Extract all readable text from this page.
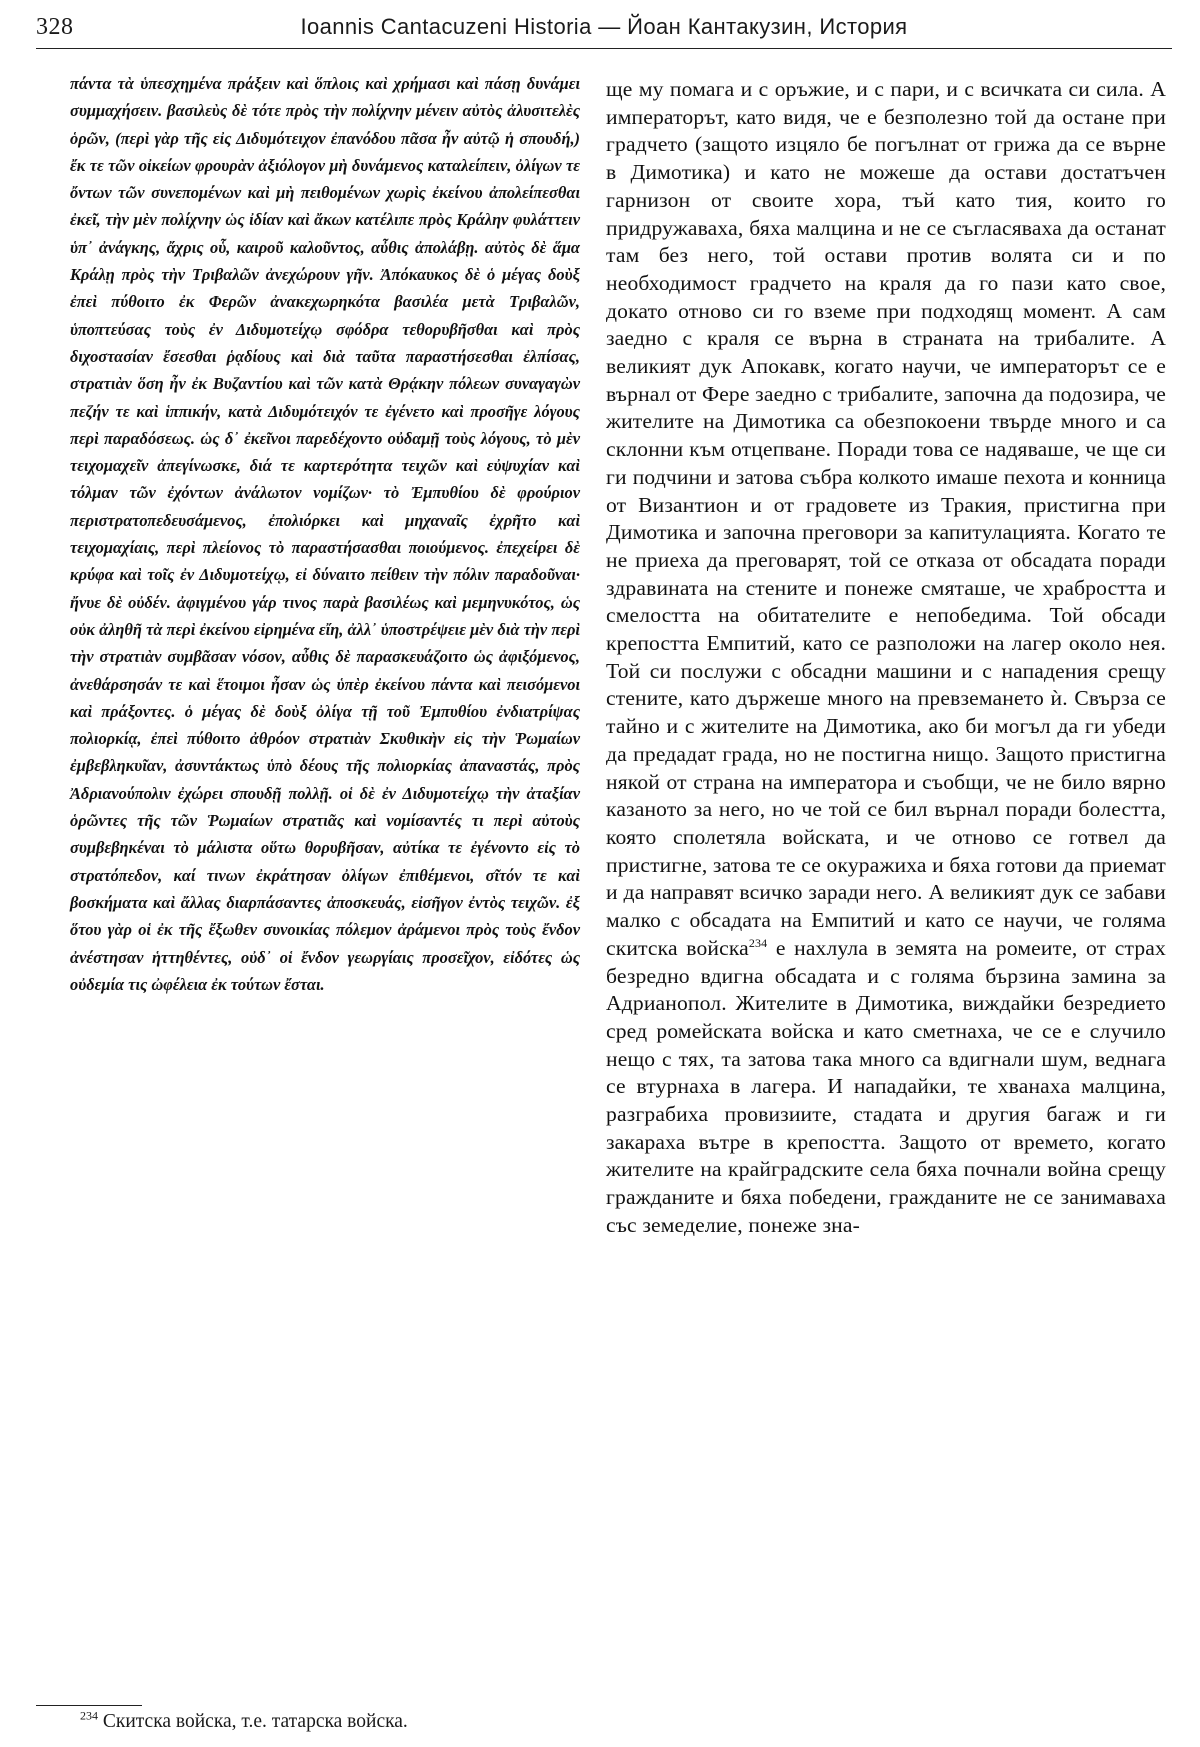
328	Ioannis Cantacuzeni Historia — Йоан Кантакузин, История

πάντα τὰ ὑπεσχημένα πράξειν καὶ ὅπλοις καὶ χρήμασι καὶ πάσῃ δυνάμει συμμαχήσειν. βασιλεὺς δὲ τότε πρὸς τὴν πολίχνην μένειν αὐτὸς ἀλυσιτελὲς ὁρῶν, (περὶ γὰρ τῆς εἰς Διδυμότειχον ἐπανόδου πᾶσα ἦν αὐτῷ ἡ σπουδή,) ἔκ τε τῶν οἰκείων φρουρὰν ἀξιόλογον μὴ δυνάμενος καταλείπειν, ὀλίγων τε ὄντων τῶν συνεπομένων καὶ μὴ πειθομένων χωρὶς ἐκείνου ἀπολείπεσθαι ἐκεῖ, τὴν μὲν πολίχνην ὡς ἰδίαν καὶ ἄκων κατέλιπε πρὸς Κράλην φυλάττειν ὑπ᾿ ἀνάγκης, ἄχρις οὗ, καιροῦ καλοῦντος, αὖθις ἀπολάβῃ. αὐτὸς δὲ ἅμα Κράλῃ πρὸς τὴν Τριβαλῶν ἀνεχώρουν γῆν. Ἀπόκαυκος δὲ ὁ μέγας δοὺξ ἐπεὶ πύθοιτο ἐκ Φερῶν ἀνακεχωρηκότα βασιλέα μετὰ Τριβαλῶν, ὑποπτεύσας τοὺς ἐν Διδυμοτείχῳ σφόδρα τεθορυβῆσθαι καὶ πρὸς διχοστασίαν ἔσεσθαι ῥᾳδίους καὶ διὰ ταῦτα παραστήσεσθαι ἐλπίσας, στρατιὰν ὅση ἦν ἐκ Βυζαντίου καὶ τῶν κατὰ Θρᾴκην πόλεων συναγαγὼν πεζήν τε καὶ ἱππικήν, κατὰ Διδυμότειχόν τε ἐγένετο καὶ προσῆγε λόγους περὶ παραδόσεως. ὡς δ᾿ ἐκεῖνοι παρεδέχοντο οὐδαμῇ τοὺς λόγους, τὸ μὲν τειχομαχεῖν ἀπεγίνωσκε, διά τε καρτερότητα τειχῶν καὶ εὐψυχίαν καὶ τόλμαν τῶν ἐχόντων ἀνάλωτον νομίζων· τὸ Ἐμπυθίου δὲ φρούριον περιστρατοπεδευσάμενος, ἐπολιόρκει καὶ μηχαναῖς ἐχρῆτο καὶ τειχομαχίαις, περὶ πλείονος τὸ παραστήσασθαι ποιούμενος. ἐπεχείρει δὲ κρύφα καὶ τοῖς ἐν Διδυμοτείχῳ, εἰ δύναιτο πείθειν τὴν πόλιν παραδοῦναι· ἤνυε δὲ οὐδέν. ἀφιγμένου γάρ τινος παρὰ βασιλέως καὶ μεμηνυκότος, ὡς οὐκ ἀληθῆ τὰ περὶ ἐκείνου εἰρημένα εἴη, ἀλλ᾿ ὑποστρέψειε μὲν διὰ τὴν περὶ τὴν στρατιὰν συμβᾶσαν νόσον, αὖθις δὲ παρασκευάζοιτο ὡς ἀφιξόμενος, ἀνεθάρσησάν τε καὶ ἕτοιμοι ἦσαν ὡς ὑπὲρ ἐκείνου πάντα καὶ πεισόμενοι καὶ πράξοντες. ὁ μέγας δὲ δοὺξ ὀλίγα τῇ τοῦ Ἐμπυθίου ἐνδιατρίψας πολιορκίᾳ, ἐπεὶ πύθοιτο ἀθρόον στρατιὰν Σκυθικὴν εἰς τὴν Ῥωμαίων ἐμβεβληκυῖαν, ἀσυντάκτως ὑπὸ δέους τῆς πολιορκίας ἀπαναστάς, πρὸς Ἀδριανούπολιν ἐχώρει σπουδῇ πολλῇ. οἱ δὲ ἐν Διδυμοτείχῳ τὴν ἀταξίαν ὁρῶντες τῆς τῶν Ῥωμαίων στρατιᾶς καὶ νομίσαντές τι περὶ αὐτοὺς συμβεβηκέναι τὸ μάλιστα οὕτω θορυβῆσαν, αὐτίκα τε ἐγένοντο εἰς τὸ στρατόπεδον, καί τινων ἐκράτησαν ὀλίγων ἐπιθέμενοι, σῖτόν τε καὶ βοσκήματα καὶ ἄλλας διαρπάσαντες ἀποσκευάς, εἰσῆγον ἐντὸς τειχῶν. ἐξ ὅτου γὰρ οἱ ἐκ τῆς ἔξωθεν συνοικίας πόλεμον ἀράμενοι πρὸς τοὺς ἔνδον ἀνέστησαν ἡττηθέντες, οὐδ᾿ οἱ ἔνδον γεωργίαις προσεῖχον, εἰδότες ὡς οὐδεμία τις ὠφέλεια ἐκ τούτων ἔσται.

ще му помага и с оръжие, и с пари, и с всичката си сила. А императорът, като видя, че е безполезно той да остане при градчето (защото изцяло бе погълнат от грижа да се върне в Димотика) и като не можеше да остави достатъчен гарнизон от своите хора, тъй като тия, които го придружаваха, бяха малцина и не се съгласяваха да останат там без него, той остави против волята си и по необходимост градчето на краля да го пази като свое, докато отново си го вземе при подходящ момент. А сам заедно с краля се върна в страната на трибалите. А великият дук Апокавк, когато научи, че императорът се е върнал от Фере заедно с трибалите, започна да подозира, че жителите на Димотика са обезпокоени твърде много и са склонни към отцепване. Поради това се надяваше, че ще си ги подчини и затова събра колкото имаше пехота и конница от Византион и от градовете из Тракия, пристигна при Димотика и започна преговори за капитулацията. Когато те не приеха да преговарят, той се отказа от обсадата поради здравината на стените и понеже смяташе, че храбростта и смелостта на обитателите е непобедима. Той обсади крепостта Емпитий, като се разположи на лагер около нея. Той си послужи с обсадни машини и с нападения срещу стените, като държеше много на превземането ѝ. Свърза се тайно и с жителите на Димотика, ако би могъл да ги убеди да предадат града, но не постигна нищо. Защото пристигна някой от страна на императора и съобщи, че не било вярно казаното за него, но че той се бил върнал поради болестта, която сполетяла войската, и че отново се готвел да пристигне, затова те се окуражиха и бяха готови да приемат и да направят всичко заради него. А великият дук се забави малко с обсадата на Емпитий и като се научи, че голяма скитска войска$^{234}$ е нахлула в земята на ромеите, от страх безредно вдигна обсадата и с голяма бързина замина за Адрианопол. Жителите в Димотика, виждайки безредието сред ромейската войска и като сметнаха, че се е случило нещо с тях, та затова така много са вдигнали шум, веднага се втурнаха в лагера. И нападайки, те хванаха малцина, разграбиха провизиите, стадата и другия багаж и ги закараха вътре в крепостта. Защото от времето, когато жителите на крайградските села бяха почнали война срещу гражданите и бяха победени, гражданите не се занимаваха със земеделие, понеже зна-

$^{234}$ Скитска войска, т.е. татарска войска.
